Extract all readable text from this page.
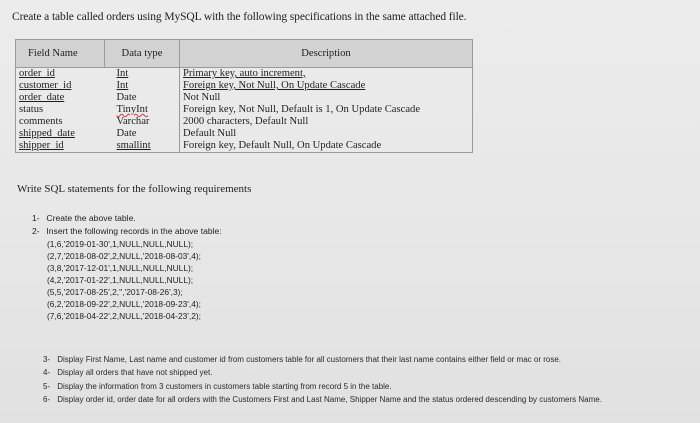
Create a table called orders using MySQL with the following specifications in the same attached file.
Field Name	Data type	Description
order_id	Int	Primary key, auto increment,
customer_id	Int	Foreign key, Not Null, On Update Cascade
order_date	Date	Not Null
status	TinyInt	Foreign key, Not Null, Default is 1, On Update Cascade
comments	Varchar	2000 characters, Default Null
shipped_date	Date	Default Null
shipper_id	smallint	Foreign key, Default Null, On Update Cascade
Write SQL statements for the following requirements
1- Create the above table.
2- Insert the following records in the above table:
(1,6,'2019-01-30',1,NULL,NULL,NULL);
(2,7,'2018-08-02',2,NULL,'2018-08-03',4);
(3,8,'2017-12-01',1,NULL,NULL,NULL);
(4,2,'2017-01-22',1,NULL,NULL,NULL);
(5,5,'2017-08-25',2,'','2017-08-26',3);
(6,2,'2018-09-22',2,NULL,'2018-09-23',4);
(7,6,'2018-04-22',2,NULL,'2018-04-23',2);
3- Display First Name, Last name and customer id from customers table for all customers that their last name contains either field or mac or rose.
4- Display all orders that have not shipped yet.
5- Display the information from 3 customers in customers table starting from record 5 in the table.
6- Display order id, order date for all orders with the Customers First and Last Name, Shipper Name and the status ordered descending by customers Name.
